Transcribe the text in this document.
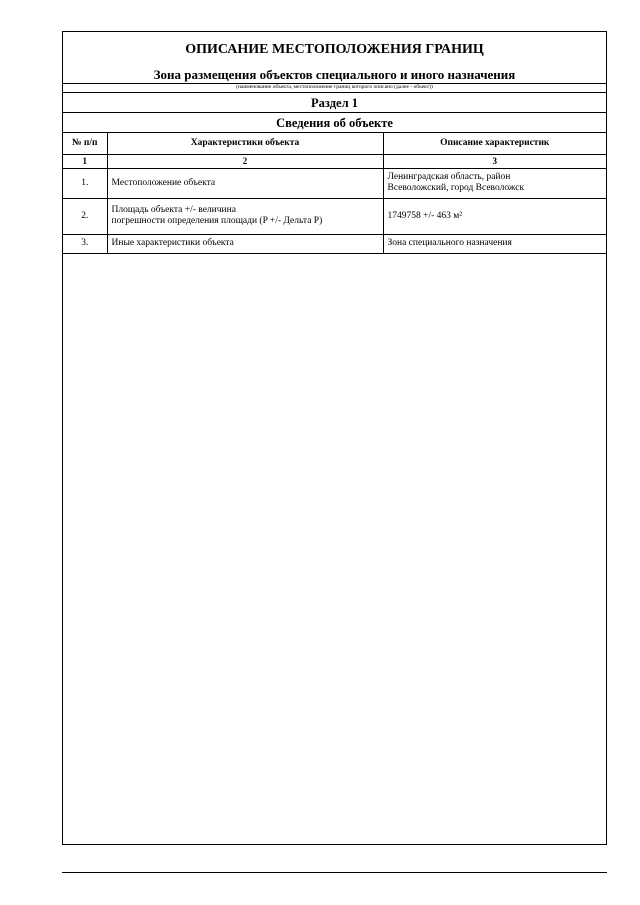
ОПИСАНИЕ МЕСТОПОЛОЖЕНИЯ ГРАНИЦ
Зона размещения объектов специального и иного назначения
(наименование объекта, местоположение границ которого описано (далее - объект))
Раздел 1
Сведения об объекте
№ п/п	Характеристики объекта	Описание характеристик
1	2	3
1.	Местоположение объекта	Ленинградская область, район
Всеволожский, город Всеволожск

2.	Площадь объекта +/- величина
погрешности определения площади (P +/- Дельта P)	1749758 +/- 463 м²
3.	Иные характеристики объекта	Зона специального назначения
